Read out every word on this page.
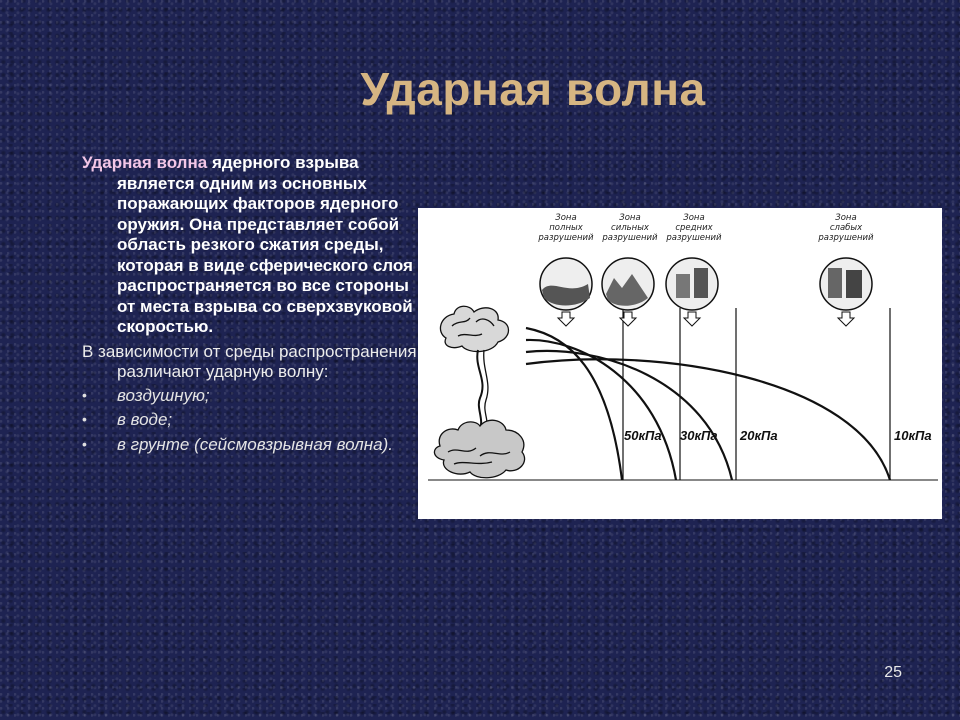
Ударная волна

Ударная волна ядерного взрыва является одним из основных поражающих факторов ядерного оружия. Она представляет собой область резкого сжатия среды, которая в виде сферического слоя распространяется во все стороны от места взрыва со сверхзвуковой скоростью.

В зависимости от среды распространения различают ударную волну:

• воздушную;
• в воде;
• в грунте (сейсмовзрывная волна).
Зона
полных
разрушений
Зона
сильных
разрушений
Зона
средних
разрушений
Зона
слабых
разрушений
50кПа 30кПа 20кПа	10кПа
25
